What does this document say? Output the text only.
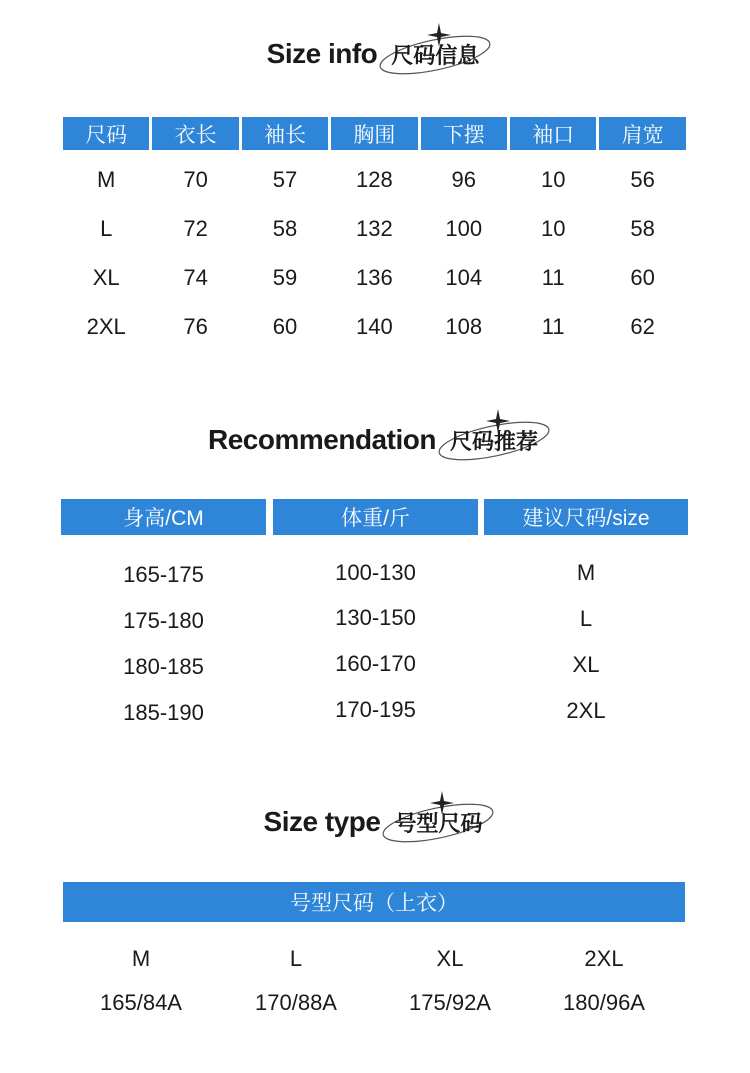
Size info 尺码信息
尺码	衣长	袖长	胸围	下摆	袖口	肩宽
M	70	57	128	96	10	56
L	72	58	132	100	10	58
XL	74	59	136	104	11	60
2XL	76	60	140	108	11	62
Recommendation 尺码推荐
身高/CM	体重/斤	建议尺码/size
165-175	100-130	M
175-180	130-150	L
180-185	160-170	XL
185-190	170-195	2XL
Size type 号型尺码
号型尺码（上衣）
M	L	XL	2XL
165/84A	170/88A	175/92A	180/96A
